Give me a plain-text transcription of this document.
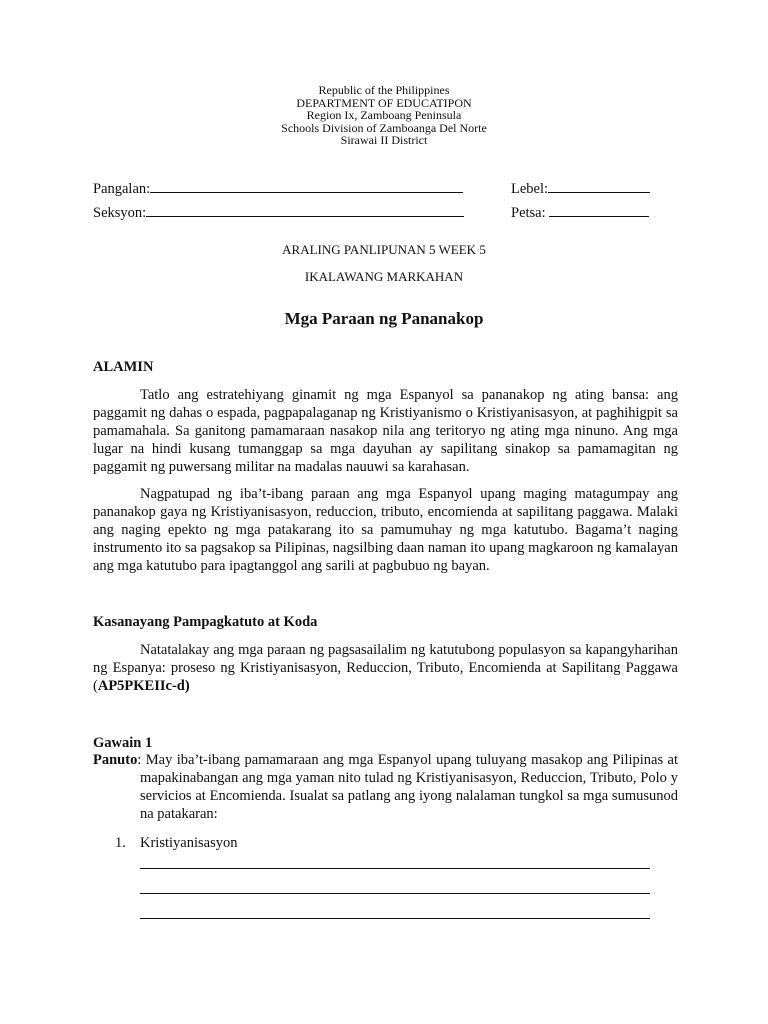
Republic of the Philippines
DEPARTMENT OF EDUCATIPON
Region Ix, Zamboang Peninsula
Schools Division of Zamboanga Del Norte
Sirawai II District
Pangalan:	Lebel:
Seksyon:	Petsa:
ARALING PANLIPUNAN 5 WEEK 5
IKALAWANG MARKAHAN
Mga Paraan ng Pananakop
ALAMIN
Tatlo ang estratehiyang ginamit ng mga Espanyol sa pananakop ng ating bansa: ang paggamit ng dahas o espada, pagpapalaganap ng Kristiyanismo o Kristiyanisasyon, at paghihigpit sa pamamahala. Sa ganitong pamamaraan nasakop nila ang teritoryo ng ating mga ninuno. Ang mga lugar na hindi kusang tumanggap sa mga dayuhan ay sapilitang sinakop sa pamamagitan ng paggamit ng puwersang militar na madalas nauuwi sa karahasan.
Nagpatupad ng iba’t-ibang paraan ang mga Espanyol upang maging matagumpay ang pananakop gaya ng Kristiyanisasyon, reduccion, tributo, encomienda at sapilitang paggawa. Malaki ang naging epekto ng mga patakarang ito sa pamumuhay ng mga katutubo. Bagama’t naging instrumento ito sa pagsakop sa Pilipinas, nagsilbing daan naman ito upang magkaroon ng kamalayan ang mga katutubo para ipagtanggol ang sarili at pagbubuo ng bayan.
Kasanayang Pampagkatuto at Koda
Natatalakay ang mga paraan ng pagsasailalim ng katutubong populasyon sa kapangyharihan ng Espanya: proseso ng Kristiyanisasyon, Reduccion, Tributo, Encomienda at Sapilitang Paggawa (AP5PKEIIc-d)
Gawain 1
Panuto: May iba’t-ibang pamamaraan ang mga Espanyol upang tuluyang masakop ang Pilipinas at mapakinabangan ang mga yaman nito tulad ng Kristiyanisasyon, Reduccion, Tributo, Polo y servicios at Encomienda. Isualat sa patlang ang iyong nalalaman tungkol sa mga sumusunod na patakaran:
1. Kristiyanisasyon
